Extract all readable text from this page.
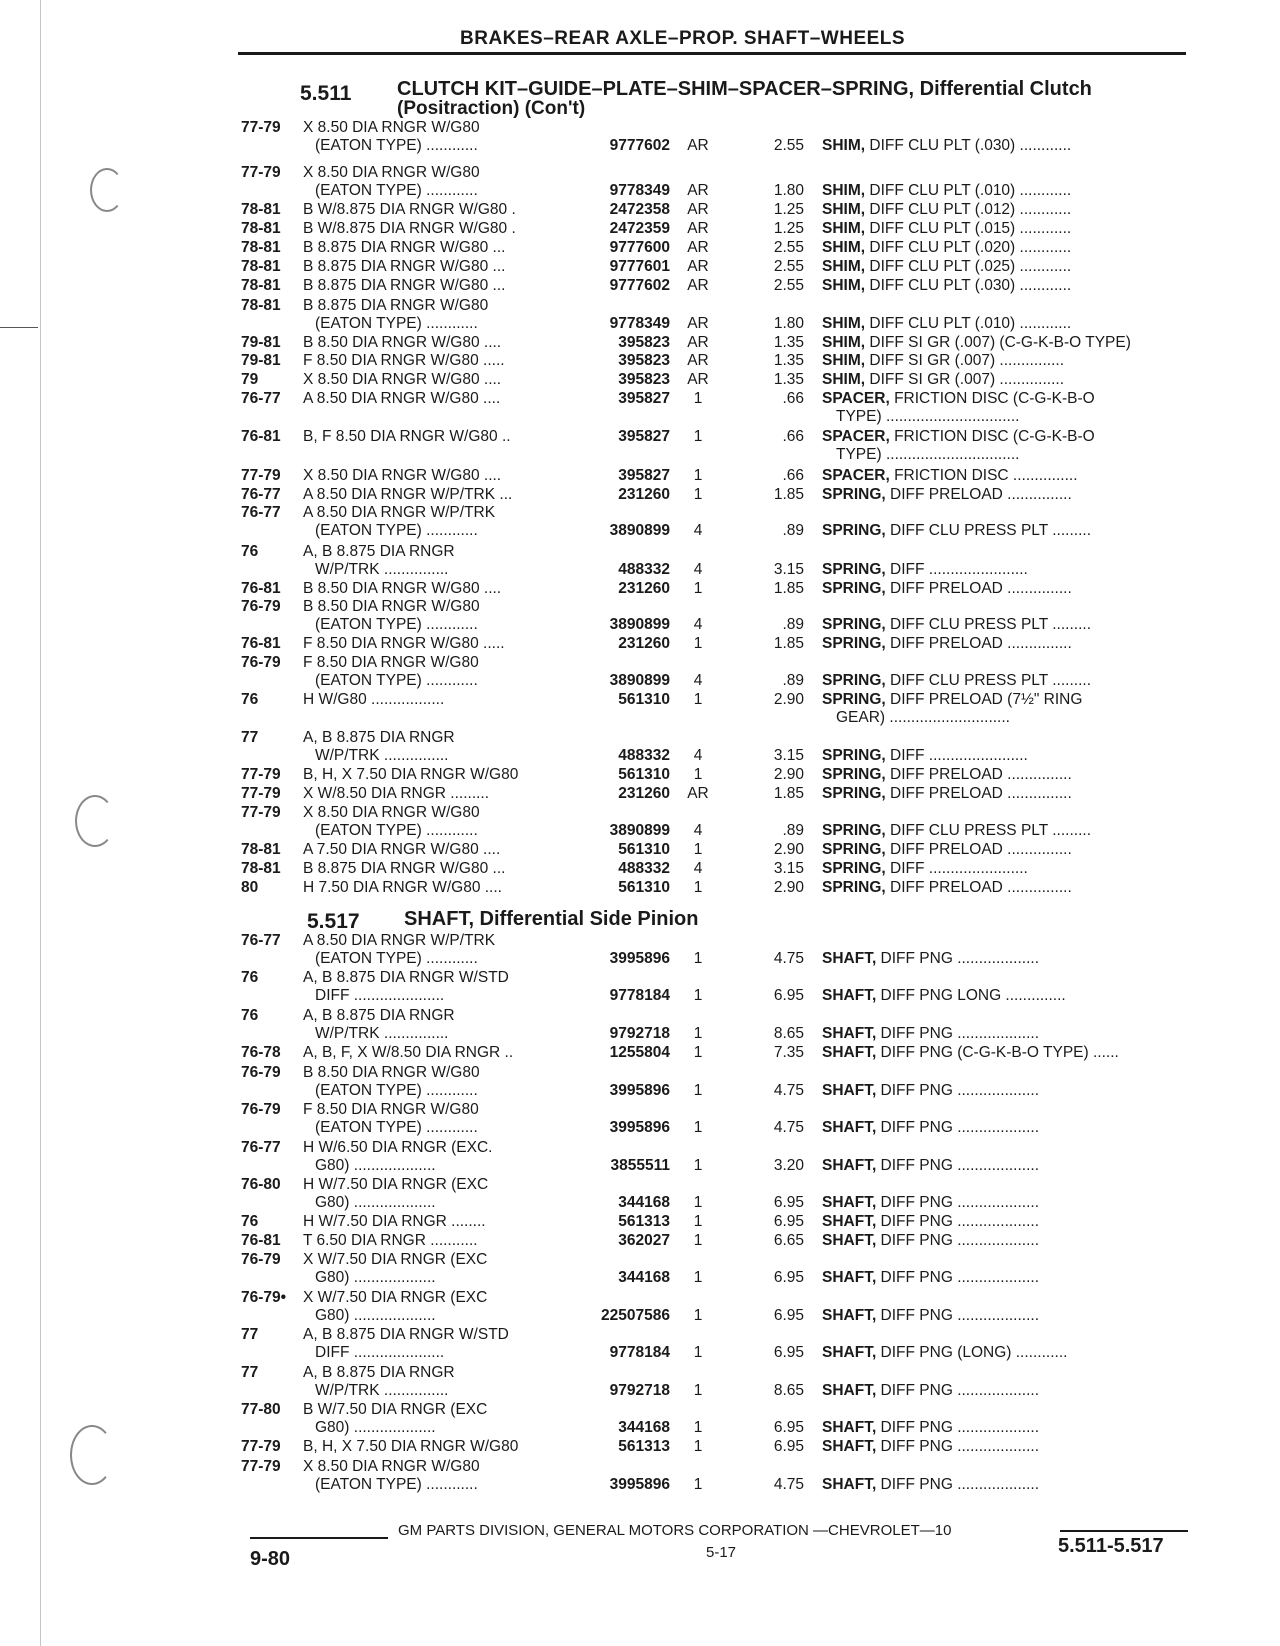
BRAKES–REAR AXLE–PROP. SHAFT–WHEELS
5.511 CLUTCH KIT–GUIDE–PLATE–SHIM–SPACER–SPRING, Differential Clutch
(Positraction) (Con't)
77-79 X 8.50 DIA RNGR W/G80
(EATON TYPE) ............	9777602	AR	2.55 SHIM, DIFF CLU PLT (.030) ............
77-79 X 8.50 DIA RNGR W/G80
(EATON TYPE) ............	9778349	AR	1.80 SHIM, DIFF CLU PLT (.010) ............
78-81 B W/8.875 DIA RNGR W/G80 .	2472358	AR	1.25 SHIM, DIFF CLU PLT (.012) ............
78-81 B W/8.875 DIA RNGR W/G80 .	2472359	AR	1.25 SHIM, DIFF CLU PLT (.015) ............
78-81 B 8.875 DIA RNGR W/G80 ...	9777600	AR	2.55 SHIM, DIFF CLU PLT (.020) ............
78-81 B 8.875 DIA RNGR W/G80 ...	9777601	AR	2.55 SHIM, DIFF CLU PLT (.025) ............
78-81 B 8.875 DIA RNGR W/G80 ...	9777602	AR	2.55 SHIM, DIFF CLU PLT (.030) ............
78-81 B 8.875 DIA RNGR W/G80
(EATON TYPE) ............	9778349	AR	1.80 SHIM, DIFF CLU PLT (.010) ............
79-81 B 8.50 DIA RNGR W/G80 ....	395823	AR	1.35 SHIM, DIFF SI GR (.007) (C-G-K-B-O TYPE)
79-81 F 8.50 DIA RNGR W/G80 .....	395823	AR	1.35 SHIM, DIFF SI GR (.007) ...............
79	X 8.50 DIA RNGR W/G80 ....	395823	AR	1.35 SHIM, DIFF SI GR (.007) ...............
76-77 A 8.50 DIA RNGR W/G80 ....	395827	1	.66 SPACER, FRICTION DISC (C-G-K-B-O
TYPE) ...............................
76-81 B, F 8.50 DIA RNGR W/G80 ..	395827	1	.66 SPACER, FRICTION DISC (C-G-K-B-O
TYPE) ...............................
77-79 X 8.50 DIA RNGR W/G80 ....	395827	1	.66 SPACER, FRICTION DISC ...............
76-77 A 8.50 DIA RNGR W/P/TRK ...	231260	1	1.85 SPRING, DIFF PRELOAD ...............
76-77 A 8.50 DIA RNGR W/P/TRK
(EATON TYPE) ............	3890899	4	.89 SPRING, DIFF CLU PRESS PLT .........
76	A, B 8.875 DIA RNGR
W/P/TRK ...............	488332	4	3.15 SPRING, DIFF .......................
76-81 B 8.50 DIA RNGR W/G80 ....	231260	1	1.85 SPRING, DIFF PRELOAD ...............
76-79 B 8.50 DIA RNGR W/G80
(EATON TYPE) ............	3890899	4	.89 SPRING, DIFF CLU PRESS PLT .........
76-81 F 8.50 DIA RNGR W/G80 .....	231260	1	1.85 SPRING, DIFF PRELOAD ...............
76-79 F 8.50 DIA RNGR W/G80
(EATON TYPE) ............	3890899	4	.89 SPRING, DIFF CLU PRESS PLT .........
76	H W/G80 .................	561310	1	2.90 SPRING, DIFF PRELOAD (7½" RING
GEAR) ............................
77	A, B 8.875 DIA RNGR
W/P/TRK ...............	488332	4	3.15 SPRING, DIFF .......................
77-79 B, H, X 7.50 DIA RNGR W/G80	561310	1	2.90 SPRING, DIFF PRELOAD ...............
77-79 X W/8.50 DIA RNGR .........	231260	AR	1.85 SPRING, DIFF PRELOAD ...............
77-79 X 8.50 DIA RNGR W/G80
(EATON TYPE) ............	3890899	4	.89 SPRING, DIFF CLU PRESS PLT .........
78-81 A 7.50 DIA RNGR W/G80 ....	561310	1	2.90 SPRING, DIFF PRELOAD ...............
78-81 B 8.875 DIA RNGR W/G80 ...	488332	4	3.15 SPRING, DIFF .......................
80	H 7.50 DIA RNGR W/G80 ....	561310	1	2.90 SPRING, DIFF PRELOAD ...............
5.517 SHAFT, Differential Side Pinion
76-77 A 8.50 DIA RNGR W/P/TRK
(EATON TYPE) ............	3995896	1	4.75 SHAFT, DIFF PNG ...................
76	A, B 8.875 DIA RNGR W/STD
DIFF .....................	9778184	1	6.95 SHAFT, DIFF PNG LONG ..............
76	A, B 8.875 DIA RNGR
W/P/TRK ...............	9792718	1	8.65 SHAFT, DIFF PNG ...................
76-78 A, B, F, X W/8.50 DIA RNGR ..	1255804	1	7.35 SHAFT, DIFF PNG (C-G-K-B-O TYPE) ......
76-79 B 8.50 DIA RNGR W/G80
(EATON TYPE) ............	3995896	1	4.75 SHAFT, DIFF PNG ...................
76-79 F 8.50 DIA RNGR W/G80
(EATON TYPE) ............	3995896	1	4.75 SHAFT, DIFF PNG ...................
76-77 H W/6.50 DIA RNGR (EXC.
G80) ...................	3855511	1	3.20 SHAFT, DIFF PNG ...................
76-80 H W/7.50 DIA RNGR (EXC
G80) ...................	344168	1	6.95 SHAFT, DIFF PNG ...................
76	H W/7.50 DIA RNGR ........	561313	1	6.95 SHAFT, DIFF PNG ...................
76-81 T 6.50 DIA RNGR ...........	362027	1	6.65 SHAFT, DIFF PNG ...................
76-79 X W/7.50 DIA RNGR (EXC
G80) ...................	344168	1	6.95 SHAFT, DIFF PNG ...................
76-79• X W/7.50 DIA RNGR (EXC
G80) ...................	22507586	1	6.95 SHAFT, DIFF PNG ...................
77	A, B 8.875 DIA RNGR W/STD
DIFF .....................	9778184	1	6.95 SHAFT, DIFF PNG (LONG) ............
77	A, B 8.875 DIA RNGR
W/P/TRK ...............	9792718	1	8.65 SHAFT, DIFF PNG ...................
77-80 B W/7.50 DIA RNGR (EXC
G80) ...................	344168	1	6.95 SHAFT, DIFF PNG ...................
77-79 B, H, X 7.50 DIA RNGR W/G80	561313	1	6.95 SHAFT, DIFF PNG ...................
77-79 X 8.50 DIA RNGR W/G80
(EATON TYPE) ............	3995896	1	4.75 SHAFT, DIFF PNG ...................
GM PARTS DIVISION, GENERAL MOTORS CORPORATION —CHEVROLET—10
9-80	5-17	5.511-5.517
